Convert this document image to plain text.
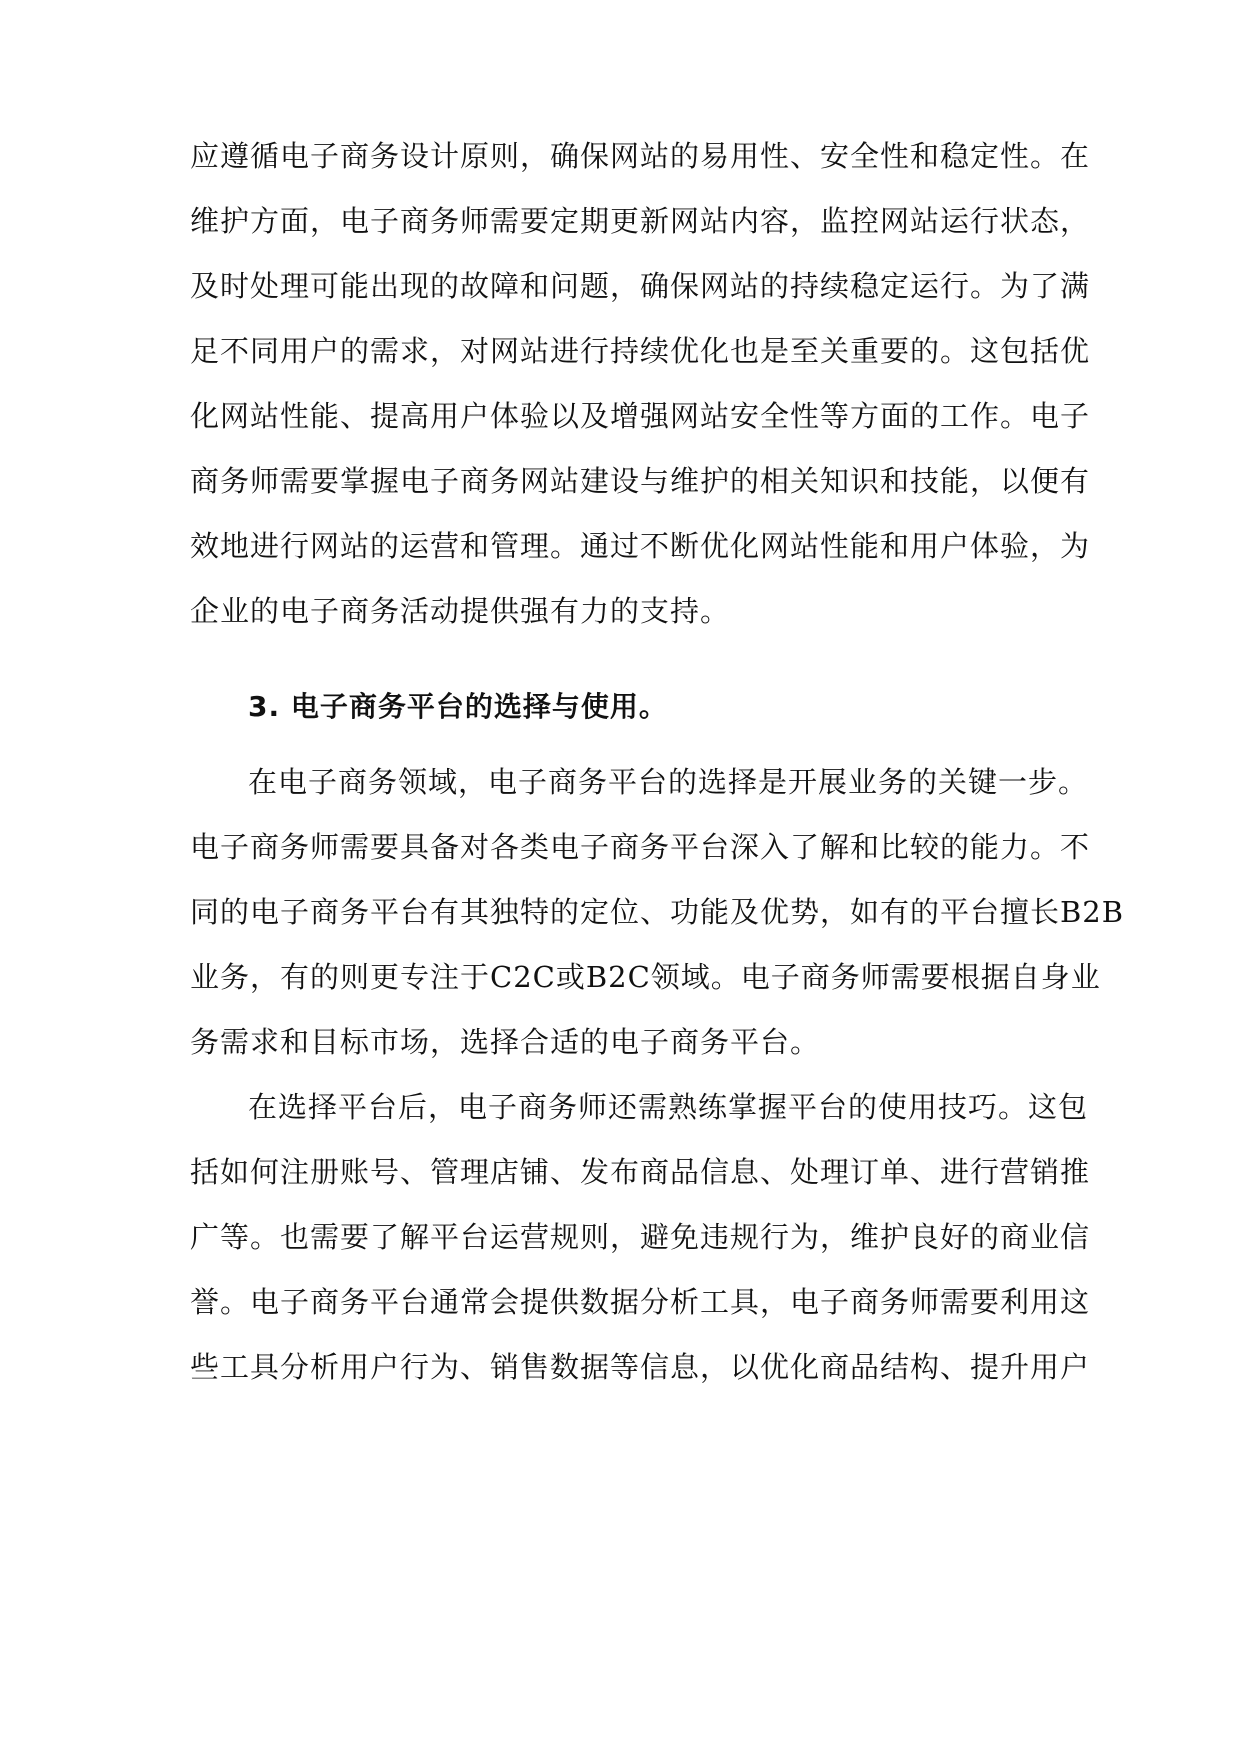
应遵循电子商务设计原则，确保网站的易用性、安全性和稳定性。在
维护方面，电子商务师需要定期更新网站内容，监控网站运行状态，
及时处理可能出现的故障和问题，确保网站的持续稳定运行。为了满
足不同用户的需求，对网站进行持续优化也是至关重要的。这包括优
化网站性能、提高用户体验以及增强网站安全性等方面的工作。电子
商务师需要掌握电子商务网站建设与维护的相关知识和技能，以便有
效地进行网站的运营和管理。通过不断优化网站性能和用户体验，为
企业的电子商务活动提供强有力的支持。
3. 电子商务平台的选择与使用。
在电子商务领域，电子商务平台的选择是开展业务的关键一步。
电子商务师需要具备对各类电子商务平台深入了解和比较的能力。不
同的电子商务平台有其独特的定位、功能及优势，如有的平台擅长B2B
业务，有的则更专注于C2C或B2C领域。电子商务师需要根据自身业
务需求和目标市场，选择合适的电子商务平台。
在选择平台后，电子商务师还需熟练掌握平台的使用技巧。这包
括如何注册账号、管理店铺、发布商品信息、处理订单、进行营销推
广等。也需要了解平台运营规则，避免违规行为，维护良好的商业信
誉。电子商务平台通常会提供数据分析工具，电子商务师需要利用这
些工具分析用户行为、销售数据等信息，以优化商品结构、提升用户
